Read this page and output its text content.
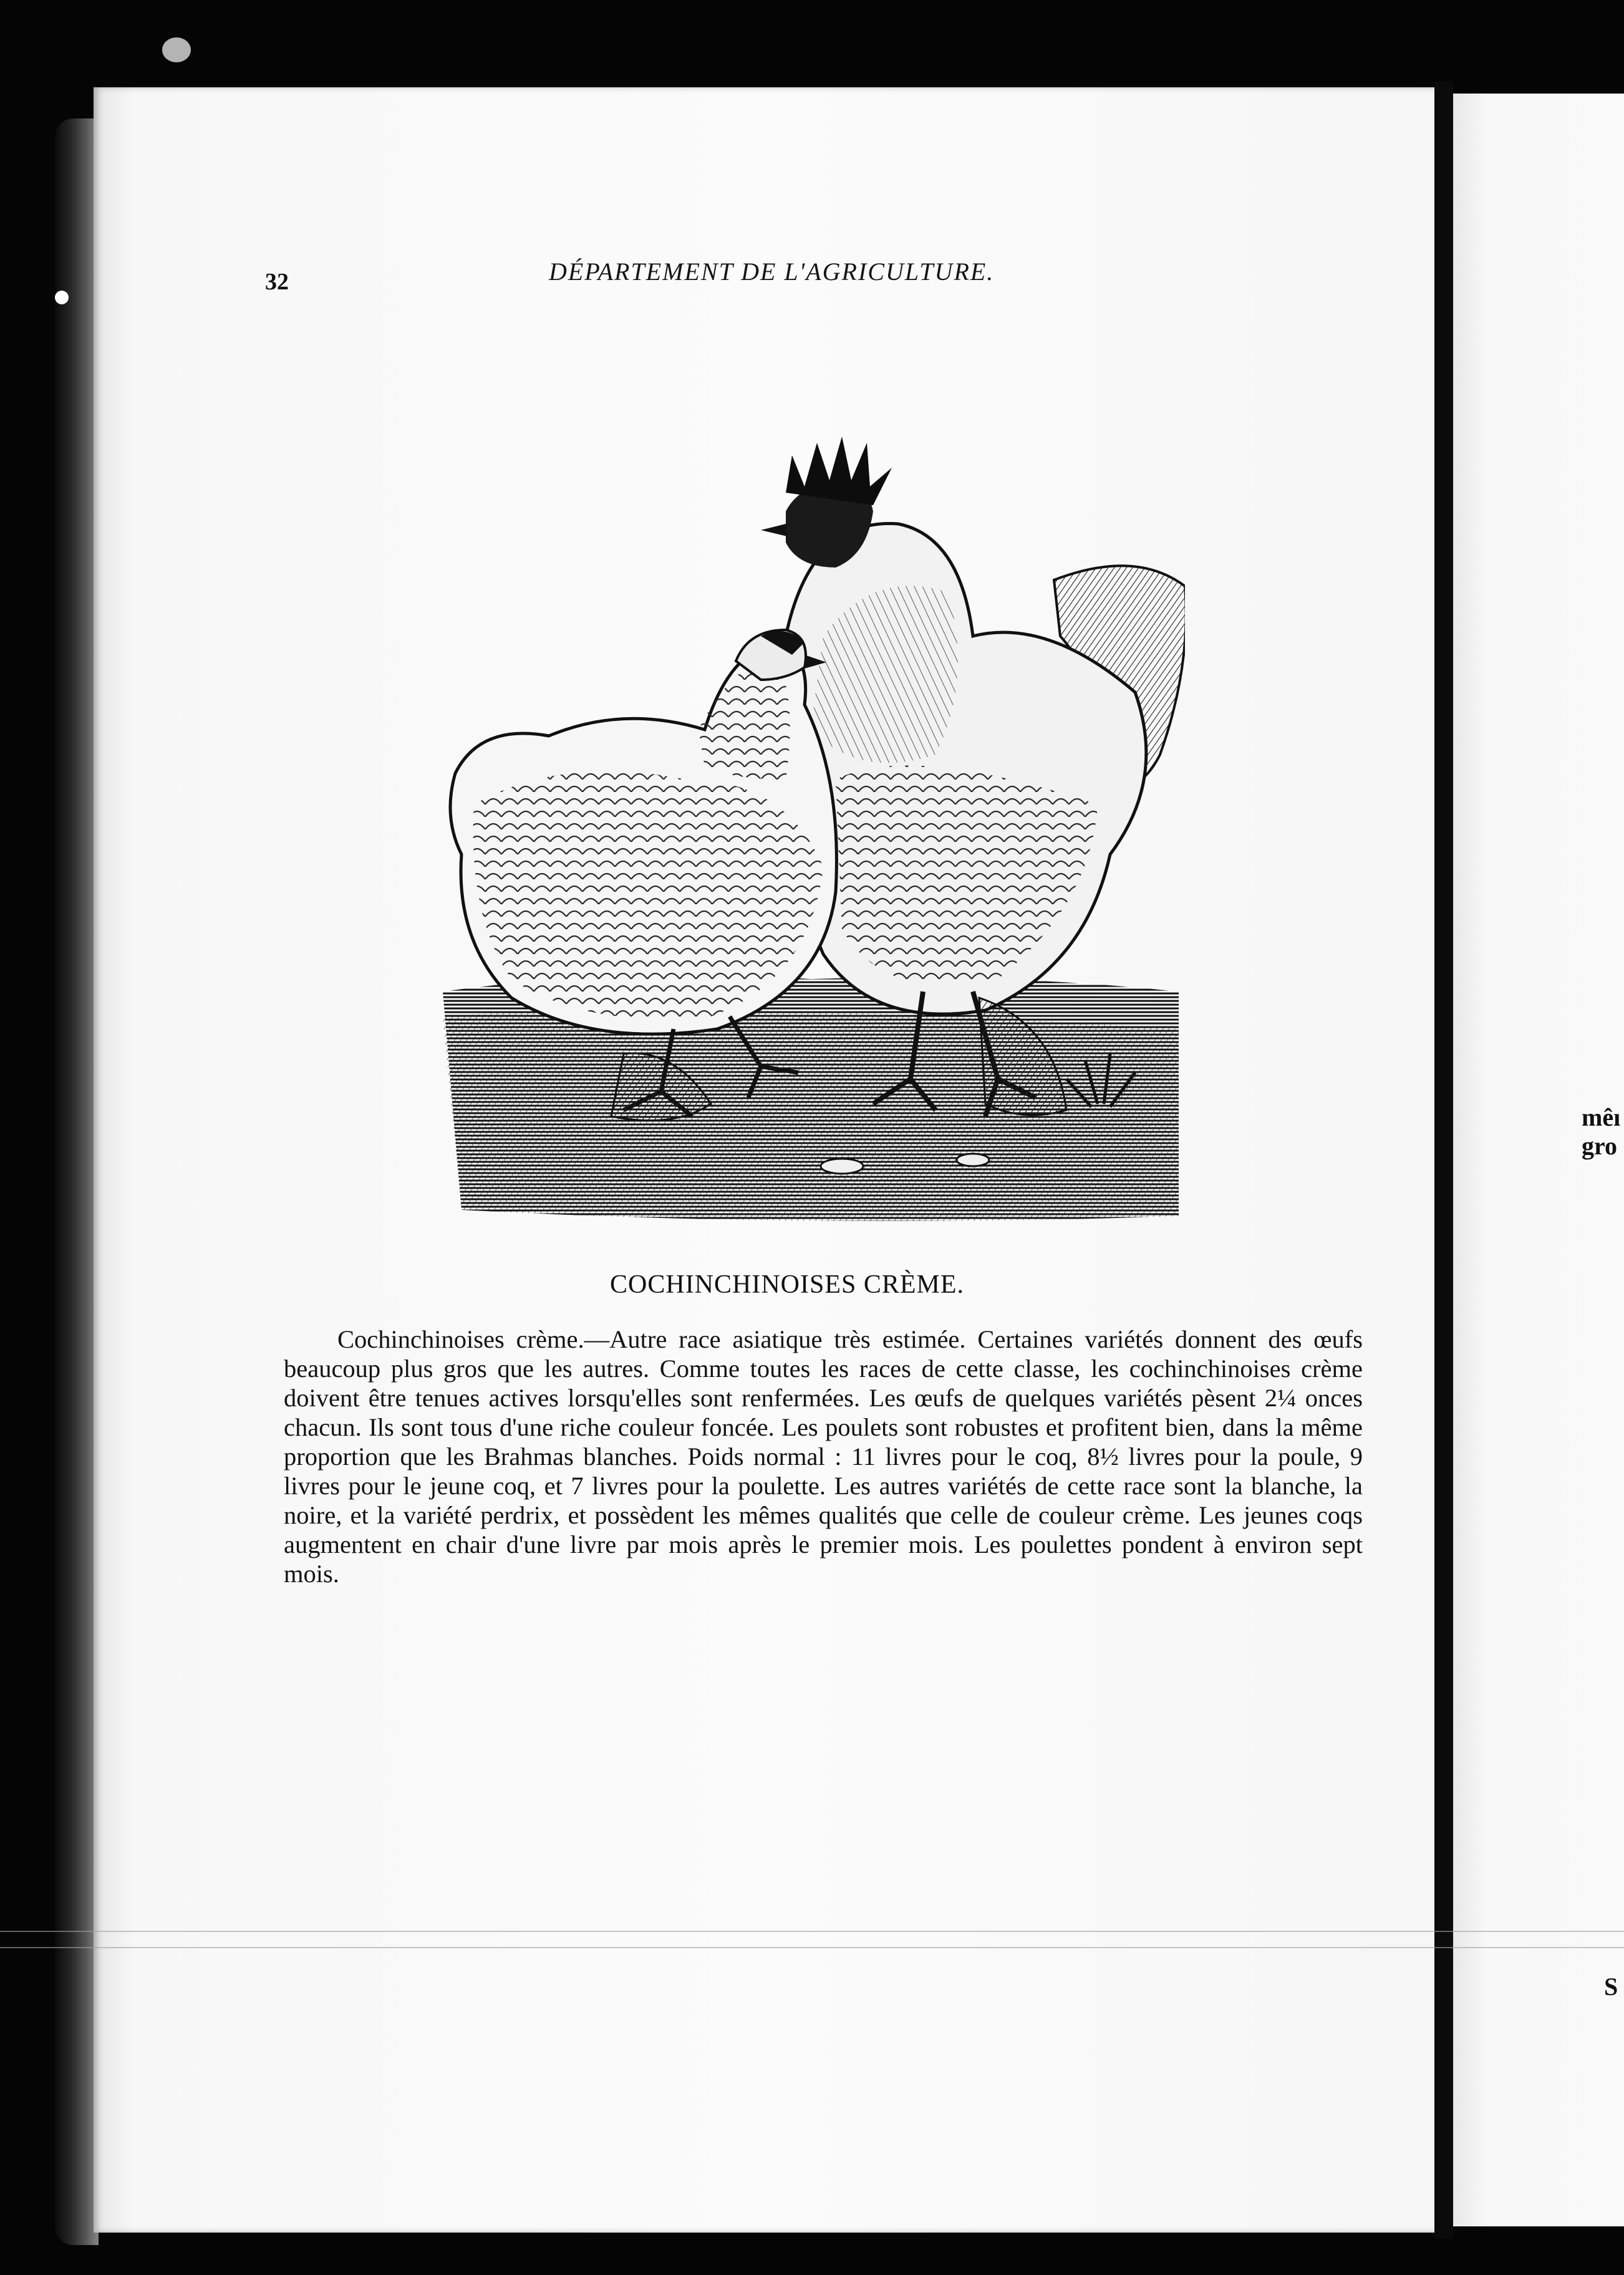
mêı
gro
S
32	DÉPARTEMENT DE L'AGRICULTURE.
COCHINCHINOISES CRÈME.

Cochinchinoises crème.—Autre race asiatique très estimée. Certaines variétés donnent des œufs beaucoup plus gros que les autres. Comme toutes les races de cette classe, les cochinchinoises crème doivent être tenues actives lorsqu'elles sont renfermées. Les œufs de quelques variétés pèsent 2¼ onces chacun. Ils sont tous d'une riche couleur foncée. Les poulets sont robustes et profitent bien, dans la même proportion que les Brahmas blanches. Poids normal : 11 livres pour le coq, 8½ livres pour la poule, 9 livres pour le jeune coq, et 7 livres pour la poulette. Les autres variétés de cette race sont la blanche, la noire, et la variété perdrix, et possèdent les mêmes qualités que celle de couleur crème. Les jeunes coqs augmentent en chair d'une livre par mois après le premier mois. Les poulettes pondent à environ sept mois.
